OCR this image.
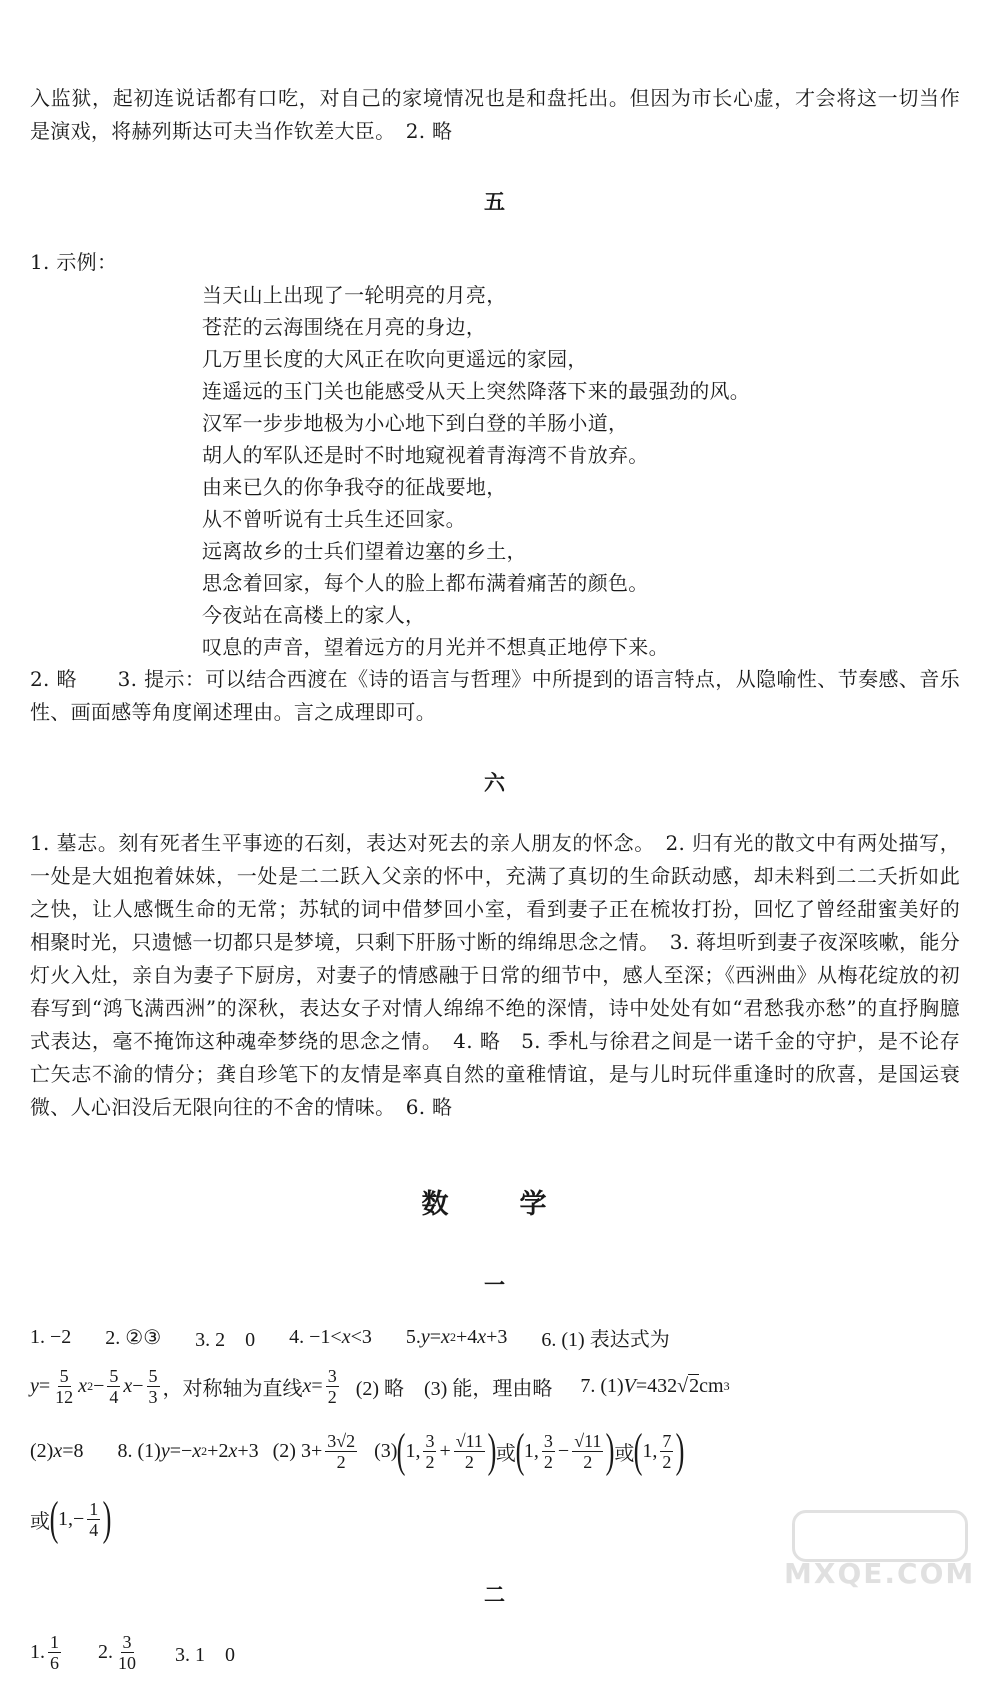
入监狱，起初连说话都有口吃，对自己的家境情况也是和盘托出。但因为市长心虚，才会将这一切当作是演戏，将赫列斯达可夫当作钦差大臣。　2. 略

五

1. 示例：

当天山上出现了一轮明亮的月亮，

苍茫的云海围绕在月亮的身边，

几万里长度的大风正在吹向更遥远的家园，

连遥远的玉门关也能感受从天上突然降落下来的最强劲的风。

汉军一步步地极为小心地下到白登的羊肠小道，

胡人的军队还是时不时地窥视着青海湾不肯放弃。

由来已久的你争我夺的征战要地，

从不曾听说有士兵生还回家。

远离故乡的士兵们望着边塞的乡土，

思念着回家，每个人的脸上都布满着痛苦的颜色。

今夜站在高楼上的家人，

叹息的声音，望着远方的月光并不想真正地停下来。

2. 略　　3. 提示：可以结合西渡在《诗的语言与哲理》中所提到的语言特点，从隐喻性、节奏感、音乐性、画面感等角度阐述理由。言之成理即可。

六

1. 墓志。刻有死者生平事迹的石刻，表达对死去的亲人朋友的怀念。　2. 归有光的散文中有两处描写，一处是大姐抱着妹妹，一处是二二跃入父亲的怀中，充满了真切的生命跃动感，却未料到二二夭折如此之快，让人感慨生命的无常；苏轼的词中借梦回小室，看到妻子正在梳妆打扮，回忆了曾经甜蜜美好的相聚时光，只遗憾一切都只是梦境，只剩下肝肠寸断的绵绵思念之情。　3. 蒋坦听到妻子夜深咳嗽，能分灯火入灶，亲自为妻子下厨房，对妻子的情感融于日常的细节中，感人至深；《西洲曲》从梅花绽放的初春写到“鸿飞满西洲”的深秋，表达女子对情人绵绵不绝的深情，诗中处处有如“君愁我亦愁”的直抒胸臆式表达，毫不掩饰这种魂牵梦绕的思念之情。　4. 略　5. 季札与徐君之间是一诺千金的守护，是不论存亡矢志不渝的情分；龚自珍笔下的友情是率真自然的童稚情谊，是与儿时玩伴重逢时的欣喜，是国运衰微、人心汩没后无限向往的不舍的情味。　6. 略

数　学
一
1. −2 2. ②③ 3. 2　0 4. −1< x <3 5. y = x 2 +4 x +3 6. (1) 表达式为
$y = \frac{5}{12}$ x $2 - \frac{5}{4}$ $x - \frac{5}{3}$ ，对称轴为直线 $x = \frac{3}{2} (2)$ 略　(3) 能，理由略 7. (1) V =432 √ 2 cm 3
(2) x =8 8. (1) y =− x 2 +2 x +3 (2) $3+ \frac{3√2}{2} (3)$ ( 1, $\frac{3}{2} + \frac{√11}{2}$ ) 或 ( 1, $\frac{3}{2} - \frac{√11}{2}$ ) 或 ( 1, $\frac{7}{2}$ )
或 ( $1,- \frac{1}{4}$ )
二
1. $\frac{1}{6} 2$. $\frac{3}{10} 3$. 1　0
MXQE.COM
